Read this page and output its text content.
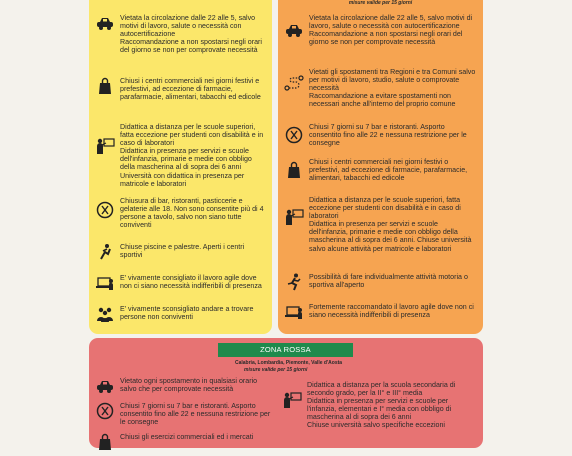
Vietata la circolazione dalle 22 alle 5, salvo motivi di lavoro, salute o necessità con autocertificazione
Raccomandazione a non spostarsi negli orari del giorno se non per comprovate necessità
Chiusi i centri commerciali nei giorni festivi e prefestivi, ad eccezione di farmacie, parafarmacie, alimentari, tabacchi ed edicole
Didattica a distanza per le scuole superiori, fatta eccezione per studenti con disabilità e in caso di laboratori
Didattica in presenza per servizi e scuole dell'infanzia, primarie e medie con obbligo della mascherina al di sopra dei 6 anni
Università con didattica in presenza per matricole e laboratori
Chiusura di bar, ristoranti, pasticcerie e gelaterie alle 18. Non sono consentite più di 4 persone a tavolo, salvo non siano tutte conviventi
Chiuse piscine e palestre. Aperti i centri sportivi
E' vivamente consigliato il lavoro agile dove non ci siano necessità indifferibili di presenza
E' vivamente sconsigliato andare a trovare persone non conviventi
misure valide per 15 giorni
Vietata la circolazione dalle 22 alle 5, salvo motivi di lavoro, salute o necessità con autocertificazione
Raccomandazione a non spostarsi negli orari del giorno se non per comprovate necessità
Vietati gli spostamenti tra Regioni e tra Comuni salvo per motivi di lavoro, studio, salute o comprovate necessità
Raccomandazione a evitare spostamenti non necessari anche all'interno del proprio comune
Chiusi 7 giorni su 7 bar e ristoranti. Asporto consentito fino alle 22 e nessuna restrizione per le consegne
Chiusi i centri commerciali nei giorni festivi o prefestivi, ad eccezione di farmacie, parafarmacie, alimentari, tabacchi ed edicole
Didattica a distanza per le scuole superiori, fatta eccezione per studenti con disabilità e in caso di laboratori
Didattica in presenza per servizi e scuole dell'infanzia, primarie e medie con obbligo della mascherina al di sopra dei 6 anni. Chiuse università salvo alcune attività per matricole e laboratori
Possibilità di fare individualmente attività motoria o sportiva all'aperto
Fortemente raccomandato il lavoro agile dove non ci siano necessità indifferibili di presenza
ZONA ROSSA
Calabria, Lombardia, Piemonte, Valle d'Aosta
misure valide per 15 giorni
Vietato ogni spostamento in qualsiasi orario salvo che per comprovate necessità
Chiusi 7 giorni su 7 bar e ristoranti. Asporto consentito fino alle 22 e nessuna restrizione per le consegne
Chiusi gli esercizi commerciali ed i mercati
Didattica a distanza per la scuola secondaria di secondo grado, per la II° e III° media
Didattica in presenza per servizi e scuole per l'infanzia, elementari e I° media con obbligo di mascherina al di sopra dei 6 anni
Chiuse università salvo specifiche eccezioni
